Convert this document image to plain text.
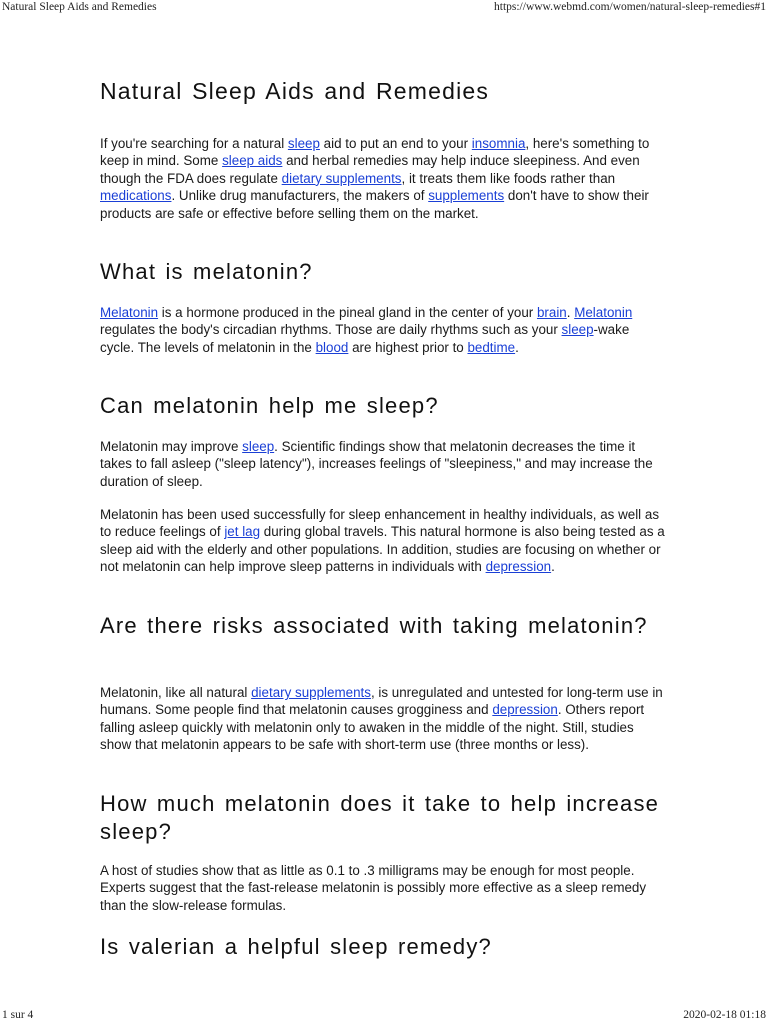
Natural Sleep Aids and Remedies	https://www.webmd.com/women/natural-sleep-remedies#1
Natural Sleep Aids and Remedies

If you're searching for a natural sleep aid to put an end to your insomnia, here's something to keep in mind. Some sleep aids and herbal remedies may help induce sleepiness. And even though the FDA does regulate dietary supplements, it treats them like foods rather than medications. Unlike drug manufacturers, the makers of supplements don't have to show their products are safe or effective before selling them on the market.

What is melatonin?

Melatonin is a hormone produced in the pineal gland in the center of your brain. Melatonin regulates the body's circadian rhythms. Those are daily rhythms such as your sleep-wake cycle. The levels of melatonin in the blood are highest prior to bedtime.

Can melatonin help me sleep?

Melatonin may improve sleep. Scientific findings show that melatonin decreases the time it takes to fall asleep ("sleep latency"), increases feelings of "sleepiness," and may increase the duration of sleep.

Melatonin has been used successfully for sleep enhancement in healthy individuals, as well as to reduce feelings of jet lag during global travels. This natural hormone is also being tested as a sleep aid with the elderly and other populations. In addition, studies are focusing on whether or not melatonin can help improve sleep patterns in individuals with depression.

Are there risks associated with taking melatonin?

Melatonin, like all natural dietary supplements, is unregulated and untested for long-term use in humans. Some people find that melatonin causes grogginess and depression. Others report falling asleep quickly with melatonin only to awaken in the middle of the night. Still, studies show that melatonin appears to be safe with short-term use (three months or less).

How much melatonin does it take to help increase sleep?

A host of studies show that as little as 0.1 to .3 milligrams may be enough for most people. Experts suggest that the fast-release melatonin is possibly more effective as a sleep remedy than the slow-release formulas.

Is valerian a helpful sleep remedy?
1 sur 4	2020-02-18 01:18
